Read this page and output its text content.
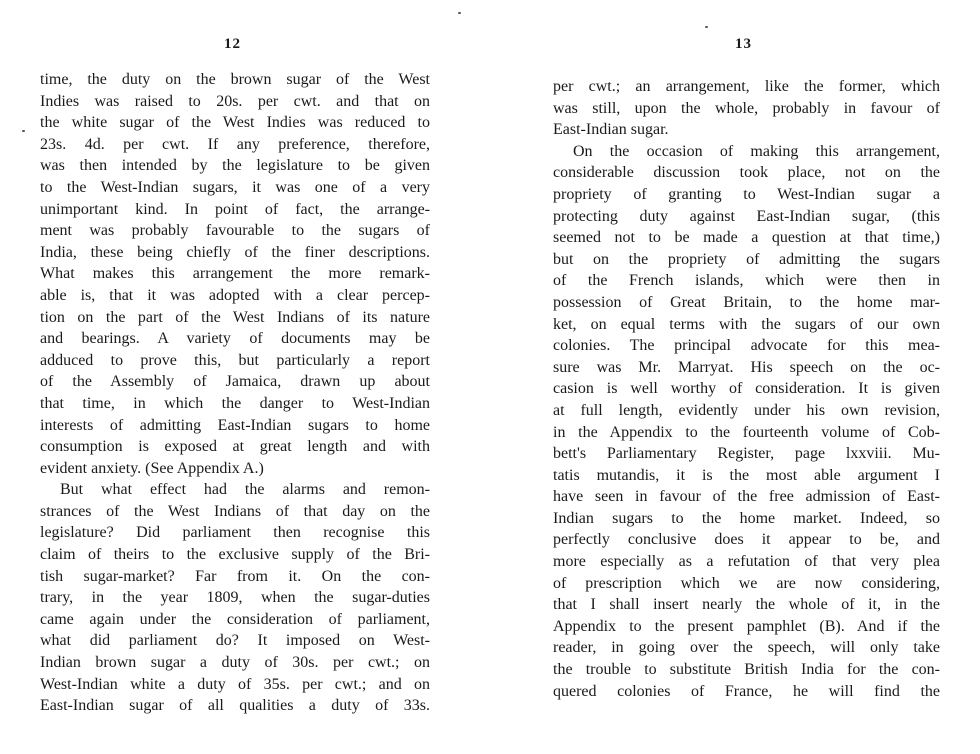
12
time, the duty on the brown sugar of the West
Indies was raised to 20s. per cwt. and that on
the white sugar of the West Indies was reduced to
23s. 4d. per cwt. If any preference, therefore,
was then intended by the legislature to be given
to the West-Indian sugars, it was one of a very
unimportant kind. In point of fact, the arrange-
ment was probably favourable to the sugars of
India, these being chiefly of the finer descriptions.
What makes this arrangement the more remark-
able is, that it was adopted with a clear percep-
tion on the part of the West Indians of its nature
and bearings. A variety of documents may be
adduced to prove this, but particularly a report
of the Assembly of Jamaica, drawn up about
that time, in which the danger to West-Indian
interests of admitting East-Indian sugars to home
consumption is exposed at great length and with
evident anxiety. (See Appendix A.)
But what effect had the alarms and remon-
strances of the West Indians of that day on the
legislature? Did parliament then recognise this
claim of theirs to the exclusive supply of the Bri-
tish sugar-market? Far from it. On the con-
trary, in the year 1809, when the sugar-duties
came again under the consideration of parliament,
what did parliament do? It imposed on West-
Indian brown sugar a duty of 30s. per cwt.; on
West-Indian white a duty of 35s. per cwt.; and on
East-Indian sugar of all qualities a duty of 33s.
13
per cwt.; an arrangement, like the former, which
was still, upon the whole, probably in favour of
East-Indian sugar.
On the occasion of making this arrangement,
considerable discussion took place, not on the
propriety of granting to West-Indian sugar a
protecting duty against East-Indian sugar, (this
seemed not to be made a question at that time,)
but on the propriety of admitting the sugars
of the French islands, which were then in
possession of Great Britain, to the home mar-
ket, on equal terms with the sugars of our own
colonies. The principal advocate for this mea-
sure was Mr. Marryat. His speech on the oc-
casion is well worthy of consideration. It is given
at full length, evidently under his own revision,
in the Appendix to the fourteenth volume of Cob-
bett's Parliamentary Register, page lxxviii. Mu-
tatis mutandis, it is the most able argument I
have seen in favour of the free admission of East-
Indian sugars to the home market. Indeed, so
perfectly conclusive does it appear to be, and
more especially as a refutation of that very plea
of prescription which we are now considering,
that I shall insert nearly the whole of it, in the
Appendix to the present pamphlet (B). And if the
reader, in going over the speech, will only take
the trouble to substitute British India for the con-
quered colonies of France, he will find the
